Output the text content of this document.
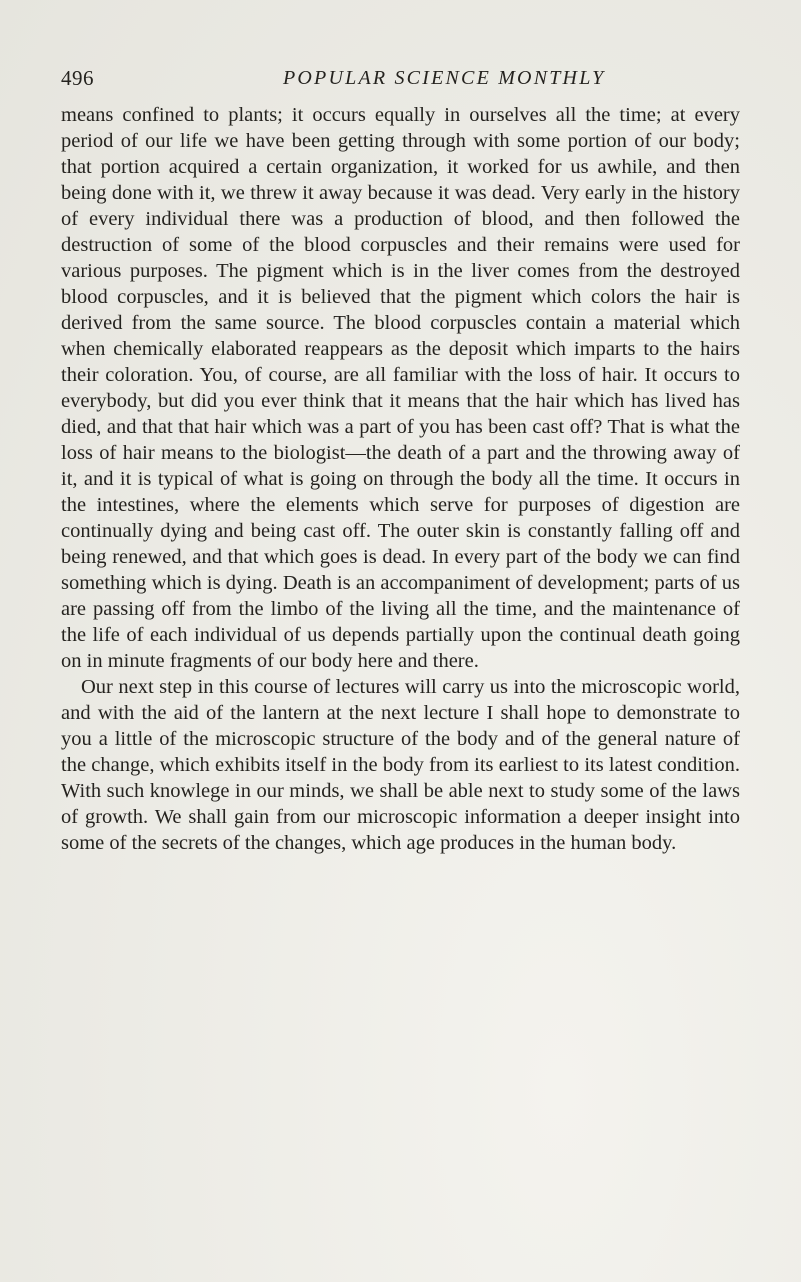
496	POPULAR SCIENCE MONTHLY

means confined to plants; it occurs equally in ourselves all the time; at every period of our life we have been getting through with some portion of our body; that portion acquired a certain organization, it worked for us awhile, and then being done with it, we threw it away because it was dead. Very early in the history of every individual there was a production of blood, and then followed the destruction of some of the blood corpuscles and their remains were used for various purposes. The pigment which is in the liver comes from the destroyed blood corpuscles, and it is believed that the pigment which colors the hair is derived from the same source. The blood corpuscles contain a material which when chemically elaborated reappears as the deposit which imparts to the hairs their coloration. You, of course, are all familiar with the loss of hair. It occurs to everybody, but did you ever think that it means that the hair which has lived has died, and that that hair which was a part of you has been cast off? That is what the loss of hair means to the biologist—the death of a part and the throwing away of it, and it is typical of what is going on through the body all the time. It occurs in the intestines, where the elements which serve for purposes of digestion are continually dying and being cast off. The outer skin is constantly falling off and being renewed, and that which goes is dead. In every part of the body we can find something which is dying. Death is an accompaniment of development; parts of us are passing off from the limbo of the living all the time, and the maintenance of the life of each individual of us depends partially upon the continual death going on in minute fragments of our body here and there.

Our next step in this course of lectures will carry us into the microscopic world, and with the aid of the lantern at the next lecture I shall hope to demonstrate to you a little of the microscopic structure of the body and of the general nature of the change, which exhibits itself in the body from its earliest to its latest condition. With such knowlege in our minds, we shall be able next to study some of the laws of growth. We shall gain from our microscopic information a deeper insight into some of the secrets of the changes, which age produces in the human body.
